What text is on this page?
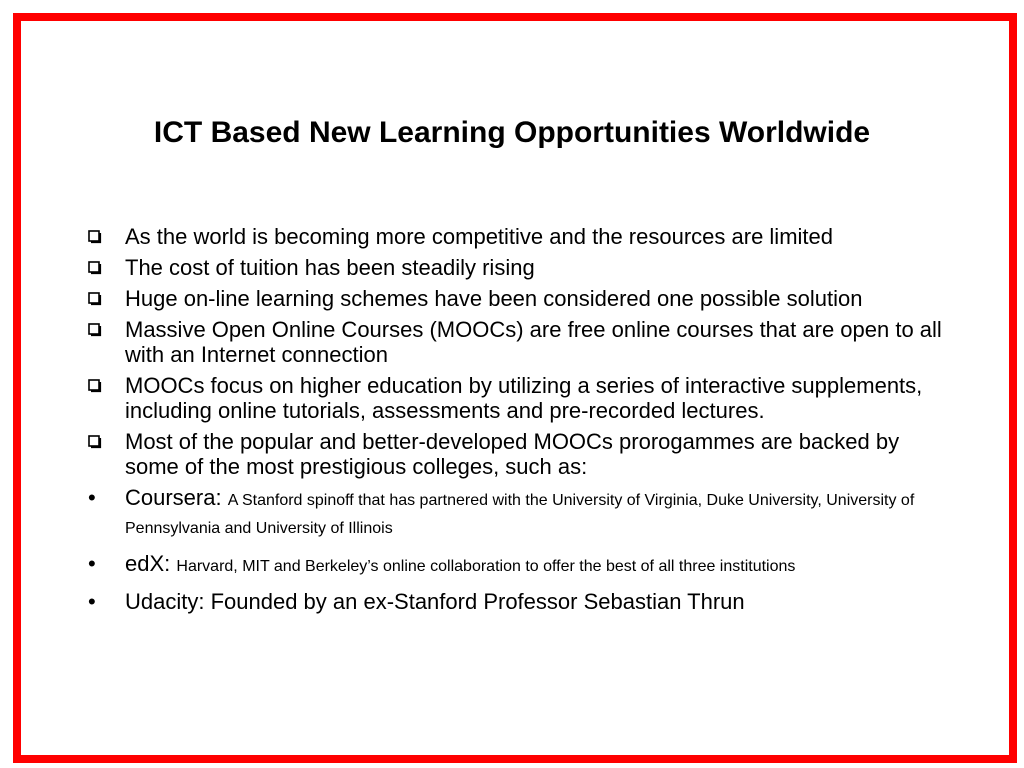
ICT Based New Learning Opportunities Worldwide
As the world is becoming more competitive and the resources are limited
The cost of tuition has been steadily rising
Huge on-line learning schemes have been considered one possible solution
Massive Open Online Courses (MOOCs) are free online courses that are open to all with an Internet connection
MOOCs focus on higher education by utilizing a series of interactive supplements, including online tutorials, assessments and pre-recorded lectures.
Most of the popular and better-developed MOOCs prorogammes are backed by some of the most prestigious colleges, such as:
• Coursera: A Stanford spinoff that has partnered with the University of Virginia, Duke University, University of Pennsylvania and University of Illinois
• edX: Harvard, MIT and Berkeley’s online collaboration to offer the best of all three institutions
• Udacity: Founded by an ex-Stanford Professor Sebastian Thrun
